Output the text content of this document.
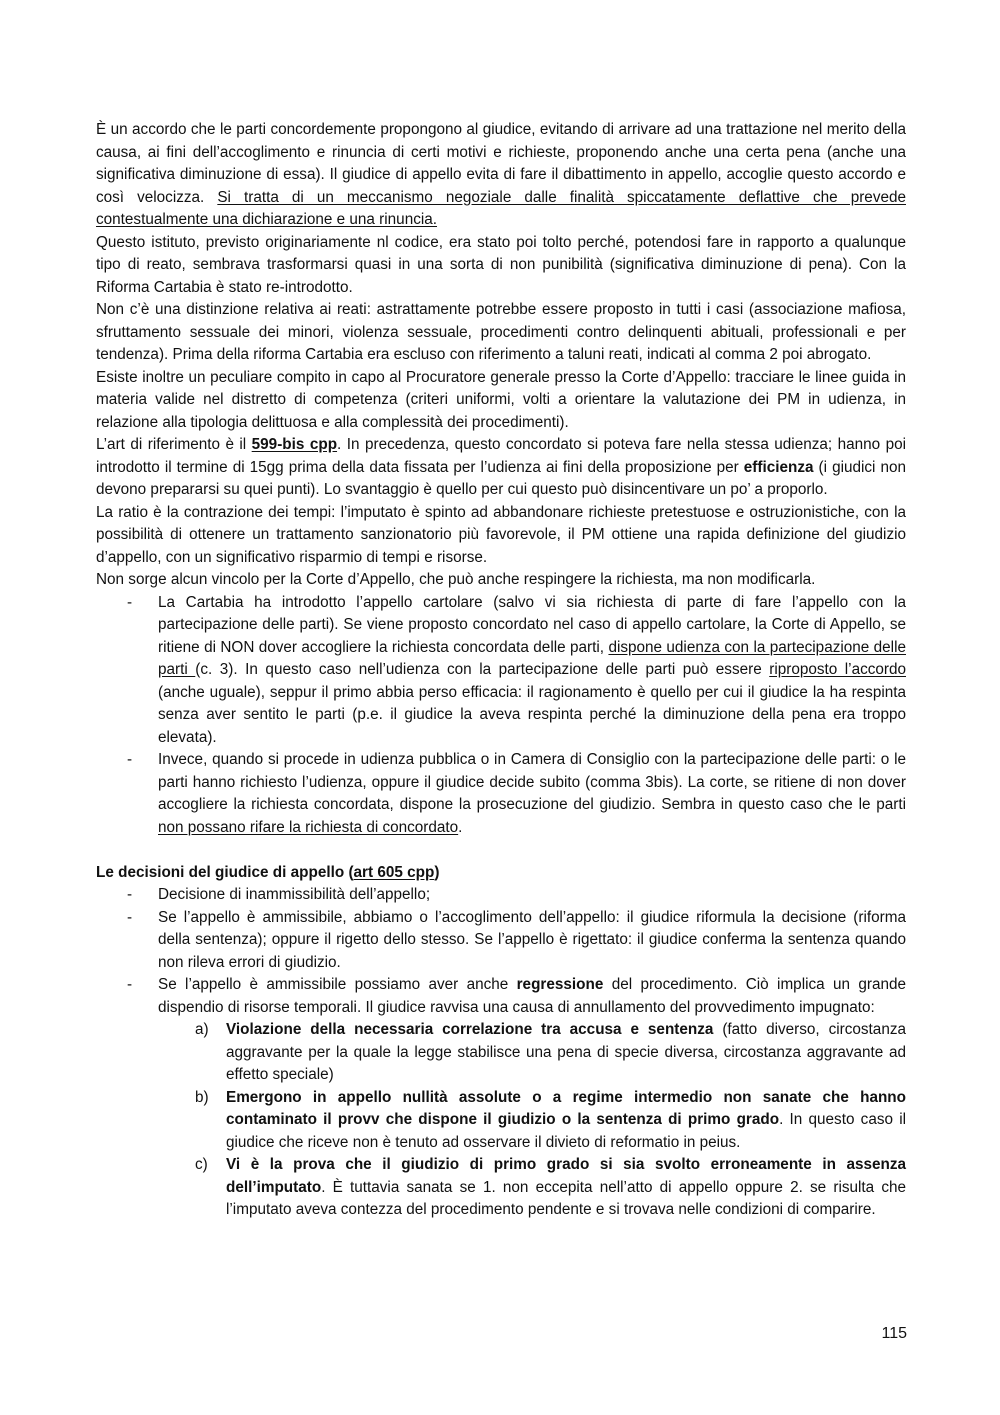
È un accordo che le parti concordemente propongono al giudice, evitando di arrivare ad una trattazione nel merito della causa, ai fini dell’accoglimento e rinuncia di certi motivi e richieste, proponendo anche una certa pena (anche una significativa diminuzione di essa). Il giudice di appello evita di fare il dibattimento in appello, accoglie questo accordo e così velocizza. Si tratta di un meccanismo negoziale dalle finalità spiccatamente deflattive che prevede contestualmente una dichiarazione e una rinuncia.

Questo istituto, previsto originariamente nl codice, era stato poi tolto perché, potendosi fare in rapporto a qualunque tipo di reato, sembrava trasformarsi quasi in una sorta di non punibilità (significativa diminuzione di pena). Con la Riforma Cartabia è stato re-introdotto.

Non c’è una distinzione relativa ai reati: astrattamente potrebbe essere proposto in tutti i casi (associazione mafiosa, sfruttamento sessuale dei minori, violenza sessuale, procedimenti contro delinquenti abituali, professionali e per tendenza). Prima della riforma Cartabia era escluso con riferimento a taluni reati, indicati al comma 2 poi abrogato.

Esiste inoltre un peculiare compito in capo al Procuratore generale presso la Corte d’Appello: tracciare le linee guida in materia valide nel distretto di competenza (criteri uniformi, volti a orientare la valutazione dei PM in udienza, in relazione alla tipologia delittuosa e alla complessità dei procedimenti).

L’art di riferimento è il 599-bis cpp. In precedenza, questo concordato si poteva fare nella stessa udienza; hanno poi introdotto il termine di 15gg prima della data fissata per l’udienza ai fini della proposizione per efficienza (i giudici non devono prepararsi su quei punti). Lo svantaggio è quello per cui questo può disincentivare un po’ a proporlo.

La ratio è la contrazione dei tempi: l’imputato è spinto ad abbandonare richieste pretestuose e ostruzionistiche, con la possibilità di ottenere un trattamento sanzionatorio più favorevole, il PM ottiene una rapida definizione del giudizio d’appello, con un significativo risparmio di tempi e risorse.

Non sorge alcun vincolo per la Corte d’Appello, che può anche respingere la richiesta, ma non modificarla.

- La Cartabia ha introdotto l’appello cartolare (salvo vi sia richiesta di parte di fare l’appello con la partecipazione delle parti). Se viene proposto concordato nel caso di appello cartolare, la Corte di Appello, se ritiene di NON dover accogliere la richiesta concordata delle parti, dispone udienza con la partecipazione delle parti (c. 3). In questo caso nell’udienza con la partecipazione delle parti può essere riproposto l’accordo (anche uguale), seppur il primo abbia perso efficacia: il ragionamento è quello per cui il giudice la ha respinta senza aver sentito le parti (p.e. il giudice la aveva respinta perché la diminuzione della pena era troppo elevata).
- Invece, quando si procede in udienza pubblica o in Camera di Consiglio con la partecipazione delle parti: o le parti hanno richiesto l’udienza, oppure il giudice decide subito (comma 3bis). La corte, se ritiene di non dover accogliere la richiesta concordata, dispone la prosecuzione del giudizio. Sembra in questo caso che le parti non possano rifare la richiesta di concordato.

Le decisioni del giudice di appello (art 605 cpp)

- Decisione di inammissibilità dell’appello;
- Se l’appello è ammissibile, abbiamo o l’accoglimento dell’appello: il giudice riformula la decisione (riforma della sentenza); oppure il rigetto dello stesso. Se l’appello è rigettato: il giudice conferma la sentenza quando non rileva errori di giudizio.
- Se l’appello è ammissibile possiamo aver anche regressione del procedimento. Ciò implica un grande dispendio di risorse temporali. Il giudice ravvisa una causa di annullamento del provvedimento impugnato:
a) Violazione della necessaria correlazione tra accusa e sentenza (fatto diverso, circostanza aggravante per la quale la legge stabilisce una pena di specie diversa, circostanza aggravante ad effetto speciale)
b) Emergono in appello nullità assolute o a regime intermedio non sanate che hanno contaminato il provv che dispone il giudizio o la sentenza di primo grado. In questo caso il giudice che riceve non è tenuto ad osservare il divieto di reformatio in peius.
c) Vi è la prova che il giudizio di primo grado si sia svolto erroneamente in assenza dell’imputato. È tuttavia sanata se 1. non eccepita nell’atto di appello oppure 2. se risulta che l’imputato aveva contezza del procedimento pendente e si trovava nelle condizioni di comparire.
115
